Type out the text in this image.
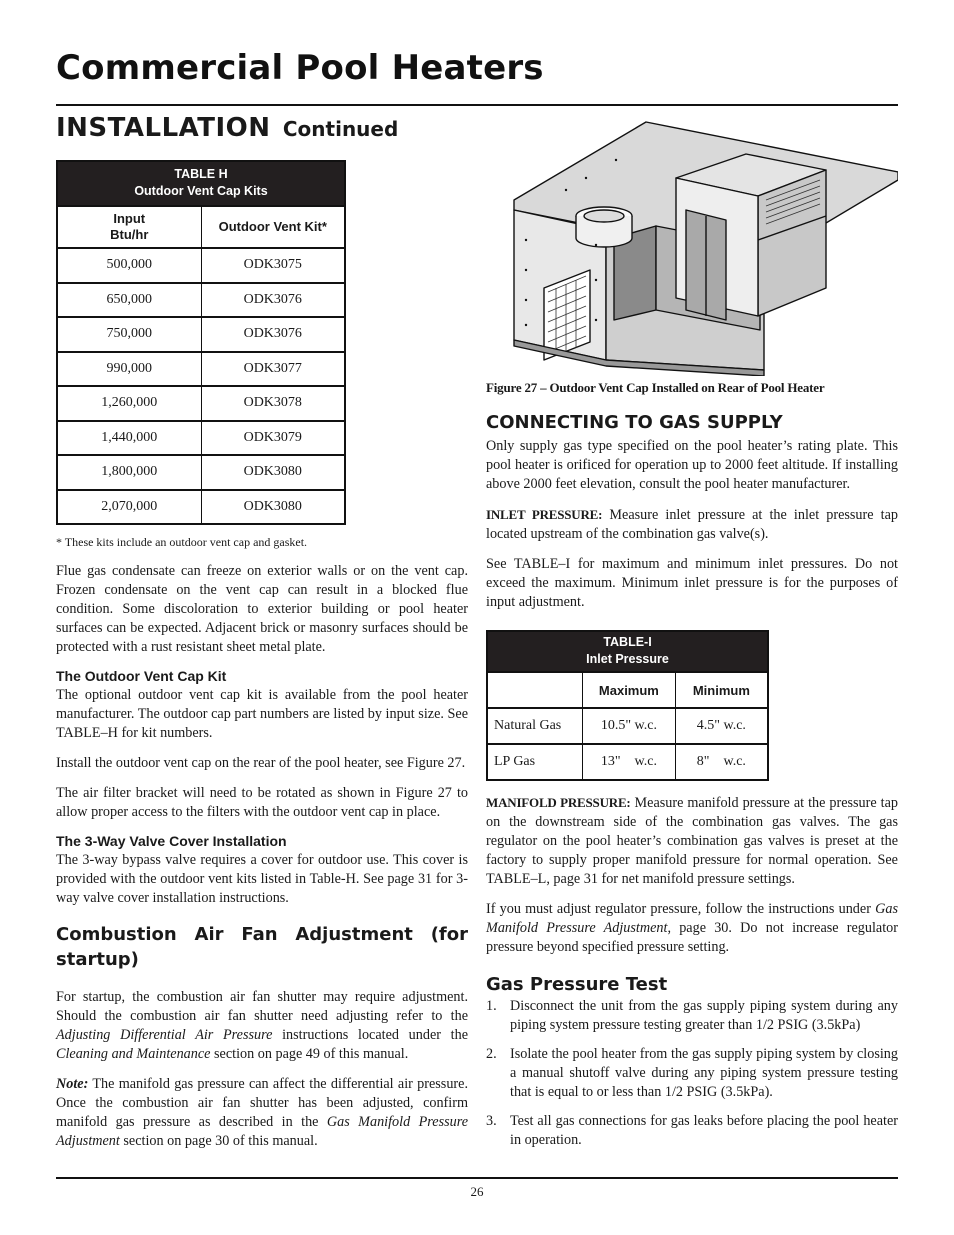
Commercial Pool Heaters
INSTALLATION Continued
TABLE H
Outdoor Vent Cap Kits	

Input
Btu/hr	Outdoor Vent Kit*
500,000	ODK3075
650,000	ODK3076
750,000	ODK3076
990,000	ODK3077
1,260,000	ODK3078
1,440,000	ODK3079
1,800,000	ODK3080
2,070,000	ODK3080

* These kits include an outdoor vent cap and gasket.

Flue gas condensate can freeze on exterior walls or on the vent cap. Frozen condensate on the vent cap can result in a blocked flue condition. Some discoloration to exterior building or pool heater surfaces can be expected. Adjacent brick or masonry surfaces should be protected with a rust resistant sheet metal plate.

The Outdoor Vent Cap Kit

The optional outdoor vent cap kit is available from the pool heater manufacturer. The outdoor cap part numbers are listed by input size. See TABLE–H for kit numbers.

Install the outdoor vent cap on the rear of the pool heater, see Figure 27.

The air filter bracket will need to be rotated as shown in Figure 27 to allow proper access to the filters with the outdoor vent cap in place.

The 3-Way Valve Cover Installation

The 3-way bypass valve requires a cover for outdoor use. This cover is provided with the outdoor vent kits listed in Table-H. See page 31 for 3-way valve cover installation instructions.

Combustion Air Fan Adjustment (for startup)

For startup, the combustion air fan shutter may require adjustment. Should the combustion air fan shutter need adjusting refer to the Adjusting Differential Air Pressure instructions located under the Cleaning and Maintenance section on page 49 of this manual.

Note: The manifold gas pressure can affect the differential air pressure. Once the combustion air fan shutter has been adjusted, confirm manifold gas pressure as described in the Gas Manifold Pressure Adjustment section on page 30 of this manual.

Figure 27 – Outdoor Vent Cap Installed on Rear of Pool Heater

CONNECTING TO GAS SUPPLY

Only supply gas type specified on the pool heater’s rating plate. This pool heater is orificed for operation up to 2000 feet altitude. If installing above 2000 feet elevation, consult the pool heater manufacturer.

INLET PRESSURE: Measure inlet pressure at the inlet pressure tap located upstream of the combination gas valve(s).

See TABLE–I for maximum and minimum inlet pressures. Do not exceed the maximum. Minimum inlet pressure is for the purposes of input adjustment.

TABLE-I
Inlet Pressure		

	Maximum	Minimum
Natural Gas	10.5" w.c.	4.5" w.c.
LP Gas	13"    w.c.	8"    w.c.

MANIFOLD PRESSURE: Measure manifold pressure at the pressure tap on the downstream side of the combination gas valves. The gas regulator on the pool heater’s combination gas valves is preset at the factory to supply proper manifold pressure for normal operation. See TABLE–L, page 31 for net manifold pressure settings.

If you must adjust regulator pressure, follow the instructions under Gas Manifold Pressure Adjustment, page 30. Do not increase regulator pressure beyond specified pressure setting.

Gas Pressure Test

1. Disconnect the unit from the gas supply piping system during any piping system pressure testing greater than 1/2 PSIG (3.5kPa)
2. Isolate the pool heater from the gas supply piping system by closing a manual shutoff valve during any piping system pressure testing that is equal to or less than 1/2 PSIG (3.5kPa).
3. Test all gas connections for gas leaks before placing the pool heater in operation.
26
